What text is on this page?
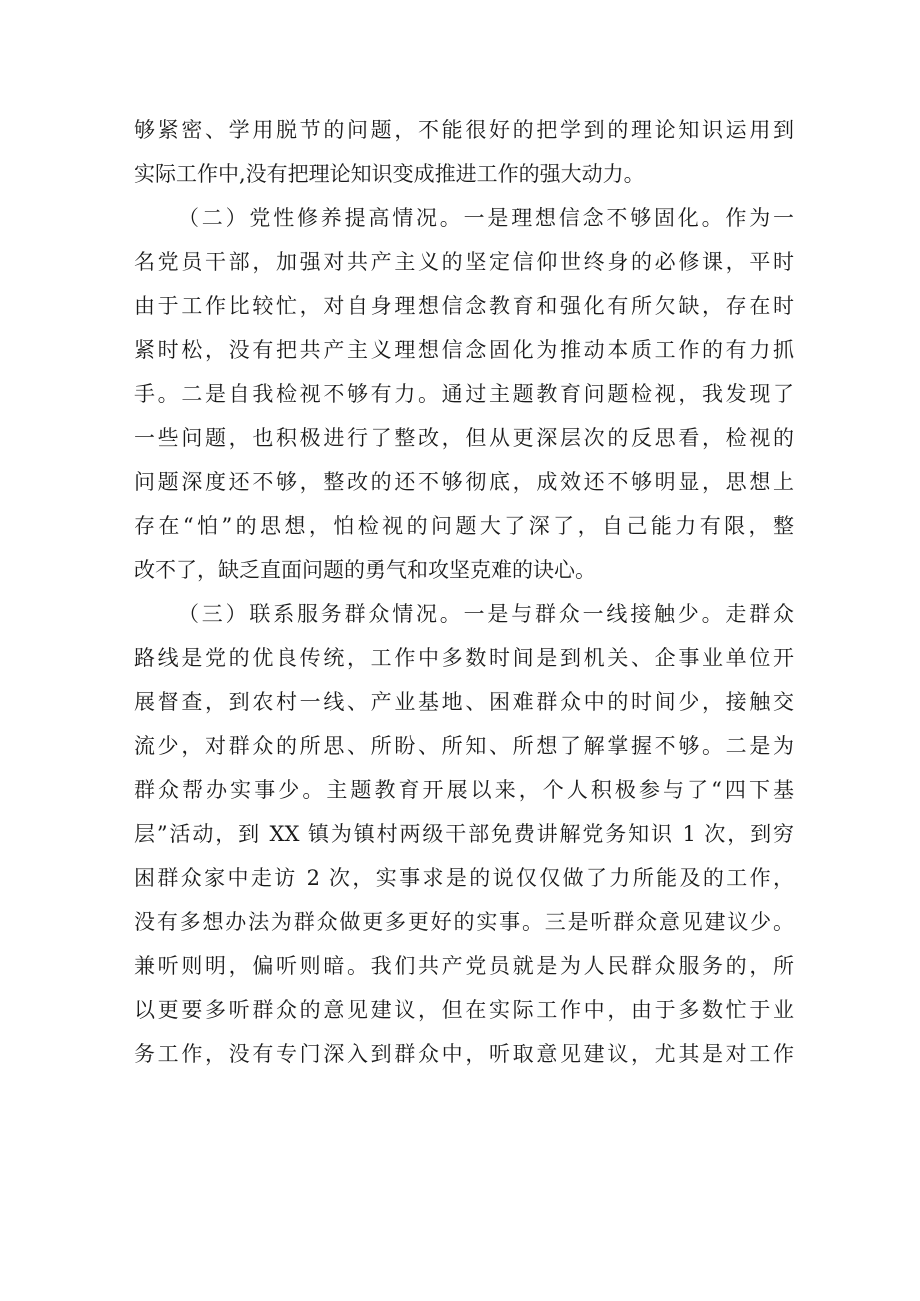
够紧密、学用脱节的问题，不能很好的把学到的理论知识运用到
实际工作中,没有把理论知识变成推进工作的强大动力。
（二）党性修养提高情况。一是理想信念不够固化。作为一
名党员干部，加强对共产主义的坚定信仰世终身的必修课，平时
由于工作比较忙，对自身理想信念教育和强化有所欠缺，存在时
紧时松，没有把共产主义理想信念固化为推动本质工作的有力抓
手。二是自我检视不够有力。通过主题教育问题检视，我发现了
一些问题，也积极进行了整改，但从更深层次的反思看，检视的
问题深度还不够，整改的还不够彻底，成效还不够明显，思想上
存在“怕”的思想，怕检视的问题大了深了，自己能力有限，整
改不了，缺乏直面问题的勇气和攻坚克难的诀心。
（三）联系服务群众情况。一是与群众一线接触少。走群众
路线是党的优良传统，工作中多数时间是到机关、企事业单位开
展督查，到农村一线、产业基地、困难群众中的时间少，接触交
流少，对群众的所思、所盼、所知、所想了解掌握不够。二是为
群众帮办实事少。主题教育开展以来，个人积极参与了“四下基
层”活动，到 XX 镇为镇村两级干部免费讲解党务知识 1 次，到穷
困群众家中走访 2 次，实事求是的说仅仅做了力所能及的工作，
没有多想办法为群众做更多更好的实事。三是听群众意见建议少。
兼听则明，偏听则暗。我们共产党员就是为人民群众服务的，所
以更要多听群众的意见建议，但在实际工作中，由于多数忙于业
务工作，没有专门深入到群众中，听取意见建议，尤其是对工作
